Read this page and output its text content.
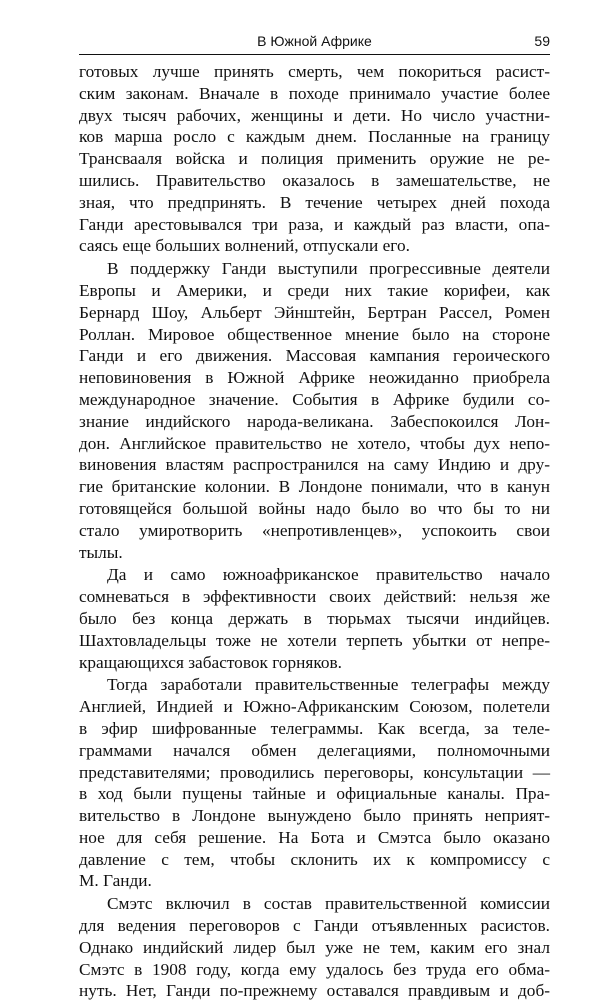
В Южной Африке	59
готовых лучше принять смерть, чем покориться расист-
ским законам. Вначале в походе принимало участие более
двух тысяч рабочих, женщины и дети. Но число участни-
ков марша росло с каждым днем. Посланные на границу
Трансвааля войска и полиция применить оружие не ре-
шились. Правительство оказалось в замешательстве, не
зная, что предпринять. В течение четырех дней похода
Ганди арестовывался три раза, и каждый раз власти, опа-
саясь еще больших волнений, отпускали его.
В поддержку Ганди выступили прогрессивные деятели
Европы и Америки, и среди них такие корифеи, как
Бернард Шоу, Альберт Эйнштейн, Бертран Рассел, Ромен
Роллан. Мировое общественное мнение было на стороне
Ганди и его движения. Массовая кампания героического
неповиновения в Южной Африке неожиданно приобрела
международное значение. События в Африке будили со-
знание индийского народа-великана. Забеспокоился Лон-
дон. Английское правительство не хотело, чтобы дух непо-
виновения властям распространился на саму Индию и дру-
гие британские колонии. В Лондоне понимали, что в канун
готовящейся большой войны надо было во что бы то ни
стало умиротворить «непротивленцев», успокоить свои
тылы.
Да и само южноафриканское правительство начало
сомневаться в эффективности своих действий: нельзя же
было без конца держать в тюрьмах тысячи индийцев.
Шахтовладельцы тоже не хотели терпеть убытки от непре-
кращающихся забастовок горняков.
Тогда заработали правительственные телеграфы между
Англией, Индией и Южно-Африканским Союзом, полетели
в эфир шифрованные телеграммы. Как всегда, за теле-
граммами начался обмен делегациями, полномочными
представителями; проводились переговоры, консультации —
в ход были пущены тайные и официальные каналы. Пра-
вительство в Лондоне вынуждено было принять неприят-
ное для себя решение. На Бота и Смэтса было оказано
давление с тем, чтобы склонить их к компромиссу с
М. Ганди.
Смэтс включил в состав правительственной комиссии
для ведения переговоров с Ганди отъявленных расистов.
Однако индийский лидер был уже не тем, каким его знал
Смэтс в 1908 году, когда ему удалось без труда его обма-
нуть. Нет, Ганди по-прежнему оставался правдивым и доб-
